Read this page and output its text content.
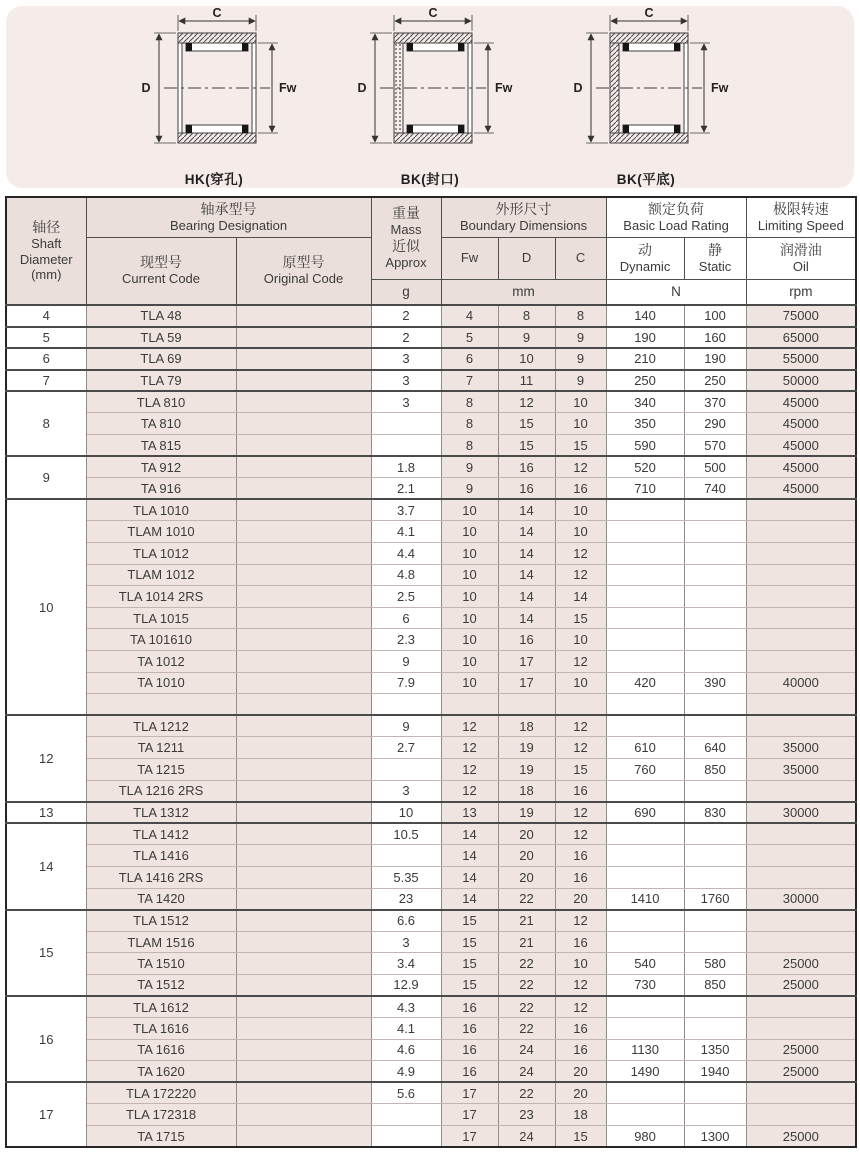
C
D	Fw
HK(穿孔)
C
D	Fw
BK(封口)
C
D	Fw
BK(平底)
轴径
Shaft
Diameter
(mm)	轴承型号
Bearing Designation		重量
Mass
近似
Approx	外形尺寸
Boundary Dimensions			额定负荷
Basic Load Rating		极限转速
Limiting Speed

	现型号
Current Code	原型号
Original Code		Fw	D	C	动
Dynamic	静
Static	润滑油
Oil

			g	mm			N		rpm
4	TLA 48		2	4	8	8	140	100	75000
5	TLA 59		2	5	9	9	190	160	65000
6	TLA 69		3	6	10	9	210	190	55000
7	TLA 79		3	7	11	9	250	250	50000
8	TLA 810		3	8	12	10	340	370	45000
	TA 810			8	15	10	350	290	45000
	TA 815			8	15	15	590	570	45000
9	TA 912		1.8	9	16	12	520	500	45000
	TA 916		2.1	9	16	16	710	740	45000
10	TLA 1010		3.7	10	14	10			
	TLAM 1010		4.1	10	14	10			
	TLA 1012		4.4	10	14	12			
	TLAM 1012		4.8	10	14	12			
	TLA 1014 2RS		2.5	10	14	14			
	TLA 1015		6	10	14	15			
	TA 101610		2.3	10	16	10			
	TA 1012		9	10	17	12			
	TA 1010		7.9	10	17	10	420	390	40000

12	TLA 1212		9	12	18	12			
	TA 1211		2.7	12	19	12	610	640	35000
	TA 1215			12	19	15	760	850	35000
	TLA 1216 2RS		3	12	18	16			
13	TLA 1312		10	13	19	12	690	830	30000
14	TLA 1412		10.5	14	20	12			
	TLA 1416			14	20	16			
	TLA 1416 2RS		5.35	14	20	16			
	TA 1420		23	14	22	20	1410	1760	30000
15	TLA 1512		6.6	15	21	12			
	TLAM 1516		3	15	21	16			
	TA 1510		3.4	15	22	10	540	580	25000
	TA 1512		12.9	15	22	12	730	850	25000
16	TLA 1612		4.3	16	22	12			
	TLA 1616		4.1	16	22	16			
	TA 1616		4.6	16	24	16	1130	1350	25000
	TA 1620		4.9	16	24	20	1490	1940	25000
17	TLA 172220		5.6	17	22	20			
	TLA 172318			17	23	18			
	TA 1715			17	24	15	980	1300	25000
